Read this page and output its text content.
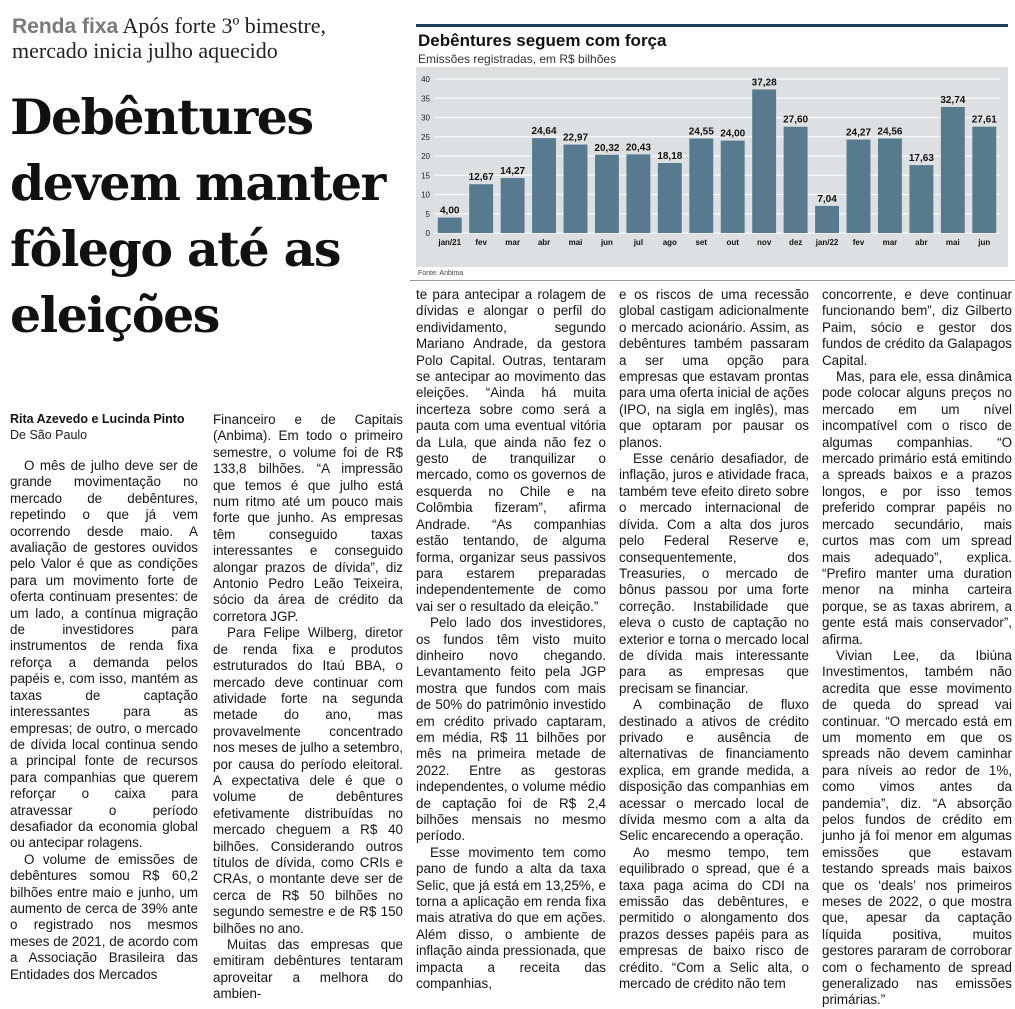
Renda fixa Após forte 3º bimestre, mercado inicia julho aquecido
Debêntures devem manter fôlego até as eleições
Rita Azevedo e Lucinda Pinto
De São Paulo

O mês de julho deve ser de grande movimentação no mercado de debêntures, repetindo o que já vem ocorrendo desde maio. A avaliação de gestores ouvidos pelo Valor é que as condições para um movimento forte de oferta continuam presentes: de um lado, a contínua migração de investidores para instrumentos de renda fixa reforça a demanda pelos papéis e, com isso, mantém as taxas de captação interessantes para as empresas; de outro, o mercado de dívida local continua sendo a principal fonte de recursos para companhias que querem reforçar o caixa para atravessar o período desafiador da economia global ou antecipar rolagens.

O volume de emissões de debêntures somou R$ 60,2 bilhões entre maio e junho, um aumento de cerca de 39% ante o registrado nos mesmos meses de 2021, de acordo com a Associação Brasileira das Entidades dos Mercados

Financeiro e de Capitais (Anbima). Em todo o primeiro semestre, o volume foi de R$ 133,8 bilhões. “A impressão que temos é que julho está num ritmo até um pouco mais forte que junho. As empresas têm conseguido taxas interessantes e conseguido alongar prazos de dívida”, diz Antonio Pedro Leão Teixeira, sócio da área de crédito da corretora JGP.

Para Felipe Wilberg, diretor de renda fixa e produtos estruturados do Itaú BBA, o mercado deve continuar com atividade forte na segunda metade do ano, mas provavelmente concentrado nos meses de julho a setembro, por causa do período eleitoral. A expectativa dele é que o volume de debêntures efetivamente distribuídas no mercado cheguem a R$ 40 bilhões. Considerando outros títulos de dívida, como CRIs e CRAs, o montante deve ser de cerca de R$ 50 bilhões no segundo semestre e de R$ 150 bilhões no ano.

Muitas das empresas que emitiram debêntures tentaram aproveitar a melhora do ambien-

te para antecipar a rolagem de dívidas e alongar o perfil do endividamento, segundo Mariano Andrade, da gestora Polo Capital. Outras, tentaram se antecipar ao movimento das eleições. “Ainda há muita incerteza sobre como será a pauta com uma eventual vitória da Lula, que ainda não fez o gesto de tranquilizar o mercado, como os governos de esquerda no Chile e na Colômbia fizeram”, afirma Andrade. “As companhias estão tentando, de alguma forma, organizar seus passivos para estarem preparadas independentemente de como vai ser o resultado da eleição.”

Pelo lado dos investidores, os fundos têm visto muito dinheiro novo chegando. Levantamento feito pela JGP mostra que fundos com mais de 50% do patrimônio investido em crédito privado captaram, em média, R$ 11 bilhões por mês na primeira metade de 2022. Entre as gestoras independentes, o volume médio de captação foi de R$ 2,4 bilhões mensais no mesmo período.

Esse movimento tem como pano de fundo a alta da taxa Selic, que já está em 13,25%, e torna a aplicação em renda fixa mais atrativa do que em ações. Além disso, o ambiente de inflação ainda pressionada, que impacta a receita das companhias,

e os riscos de uma recessão global castigam adicionalmente o mercado acionário. Assim, as debêntures também passaram a ser uma opção para empresas que estavam prontas para uma oferta inicial de ações (IPO, na sigla em inglês), mas que optaram por pausar os planos.

Esse cenário desafiador, de inflação, juros e atividade fraca, também teve efeito direto sobre o mercado internacional de dívida. Com a alta dos juros pelo Federal Reserve e, consequentemente, dos Treasuries, o mercado de bônus passou por uma forte correção. Instabilidade que eleva o custo de captação no exterior e torna o mercado local de dívida mais interessante para as empresas que precisam se financiar.

A combinação de fluxo destinado a ativos de crédito privado e ausência de alternativas de financiamento explica, em grande medida, a disposição das companhias em acessar o mercado local de dívida mesmo com a alta da Selic encarecendo a operação.

Ao mesmo tempo, tem equilibrado o spread, que é a taxa paga acima do CDI na emissão das debêntures, e permitido o alongamento dos prazos desses papéis para as empresas de baixo risco de crédito. “Com a Selic alta, o mercado de crédito não tem

concorrente, e deve continuar funcionando bem”, diz Gilberto Paim, sócio e gestor dos fundos de crédito da Galapagos Capital.

Mas, para ele, essa dinâmica pode colocar alguns preços no mercado em um nível incompatível com o risco de algumas companhias. “O mercado primário está emitindo a spreads baixos e a prazos longos, e por isso temos preferido comprar papéis no mercado secundário, mais curtos mas com um spread mais adequado”, explica. “Prefiro manter uma duration menor na minha carteira porque, se as taxas abrirem, a gente está mais conservador”, afirma.

Vivian Lee, da Ibiúna Investimentos, também não acredita que esse movimento de queda do spread vai continuar. “O mercado está em um momento em que os spreads não devem caminhar para níveis ao redor de 1%, como vimos antes da pandemia”, diz. “A absorção pelos fundos de crédito em junho já foi menor em algumas emissões que estavam testando spreads mais baixos que os ‘deals’ nos primeiros meses de 2022, o que mostra que, apesar da captação líquida positiva, muitos gestores pararam de corroborar com o fechamento de spread generalizado nas emissões primárias.”

Debêntures seguem com força
Emissões registradas, em R$ bilhões
0
5
10
15
20
25
30
35
40
4,00
jan/21
12,67
fev
14,27
mar
24,64
abr
22,97
mai
20,32
jun
20,43
jul
18,18
ago
24,55
set
24,00
out
37,28
nov
27,60
dez
7,04
jan/22
24,27
fev
24,56
mar
17,63
abr
32,74
mai
27,61
jun
Fonte: Anbima
